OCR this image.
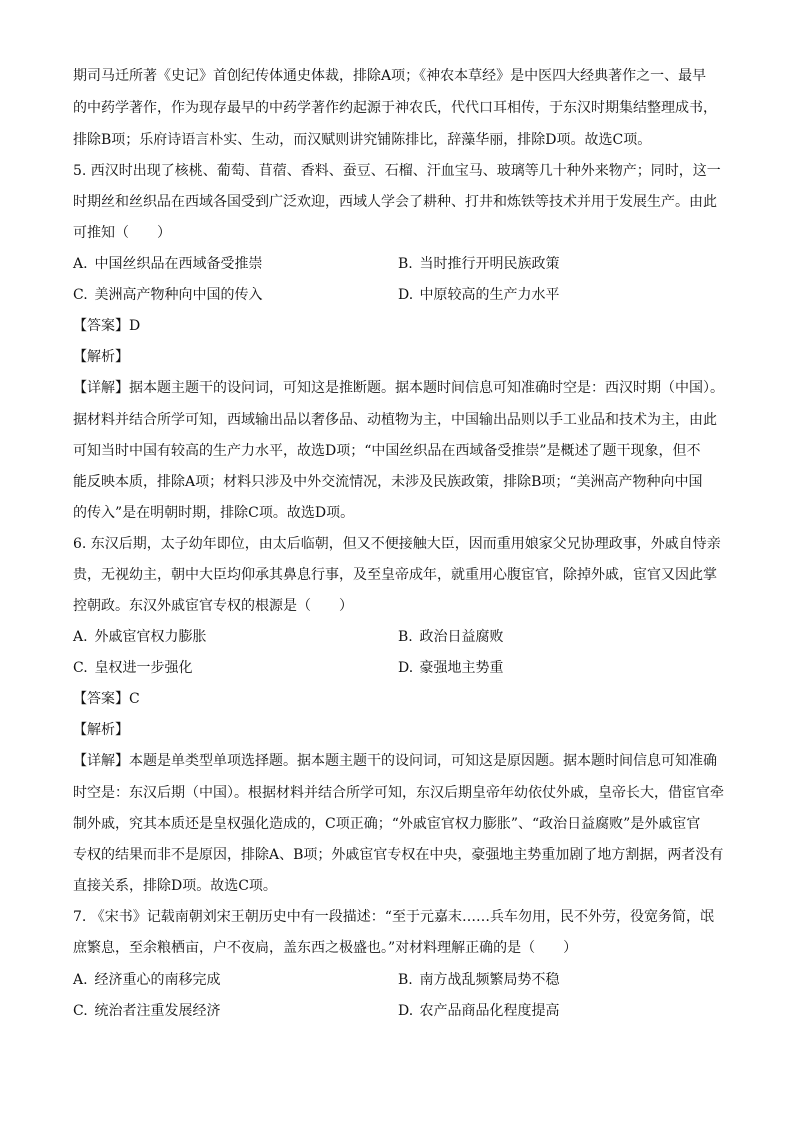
期司马迁所著《史记》首创纪传体通史体裁，排除A项；《神农本草经》是中医四大经典著作之一、最早
的中药学著作，作为现存最早的中药学著作约起源于神农氏，代代口耳相传，于东汉时期集结整理成书，
排除B项；乐府诗语言朴实、生动，而汉赋则讲究铺陈排比，辞藻华丽，排除D项。故选C项。
5. 西汉时出现了核桃、葡萄、苜蓿、香料、蚕豆、石榴、汗血宝马、玻璃等几十种外来物产；同时，这一
时期丝和丝织品在西域各国受到广泛欢迎，西域人学会了耕种、打井和炼铁等技术并用于发展生产。由此
可推知（　　）
A. 中国丝织品在西域备受推崇	B. 当时推行开明民族政策
C. 美洲高产物种向中国的传入	D. 中原较高的生产力水平
【答案】D
【解析】
【详解】据本题主题干的设问词，可知这是推断题。据本题时间信息可知准确时空是：西汉时期（中国）。
据材料并结合所学可知，西域输出品以奢侈品、动植物为主，中国输出品则以手工业品和技术为主，由此
可知当时中国有较高的生产力水平，故选D项；“中国丝织品在西域备受推崇”是概述了题干现象，但不
能反映本质，排除A项；材料只涉及中外交流情况，未涉及民族政策，排除B项；“美洲高产物种向中国
的传入”是在明朝时期，排除C项。故选D项。
6. 东汉后期，太子幼年即位，由太后临朝，但又不便接触大臣，因而重用娘家父兄协理政事，外戚自恃亲
贵，无视幼主，朝中大臣均仰承其鼻息行事，及至皇帝成年，就重用心腹宦官，除掉外戚，宦官又因此掌
控朝政。东汉外戚宦官专权的根源是（　　）
A. 外戚宦官权力膨胀	B. 政治日益腐败
C. 皇权进一步强化	D. 豪强地主势重
【答案】C
【解析】
【详解】本题是单类型单项选择题。据本题主题干的设问词，可知这是原因题。据本题时间信息可知准确
时空是：东汉后期（中国）。根据材料并结合所学可知，东汉后期皇帝年幼依仗外戚，皇帝长大，借宦官牵
制外戚，究其本质还是皇权强化造成的，C项正确；“外戚宦官权力膨胀”、“政治日益腐败”是外戚宦官
专权的结果而非不是原因，排除A、B项；外戚宦官专权在中央，豪强地主势重加剧了地方割据，两者没有
直接关系，排除D项。故选C项。
7. 《宋书》记载南朝刘宋王朝历史中有一段描述：“至于元嘉末……兵车勿用，民不外劳，役宽务简，氓
庶繁息，至余粮栖亩，户不夜扃，盖东西之极盛也。”对材料理解正确的是（　　）
A. 经济重心的南移完成	B. 南方战乱频繁局势不稳
C. 统治者注重发展经济	D. 农产品商品化程度提高
